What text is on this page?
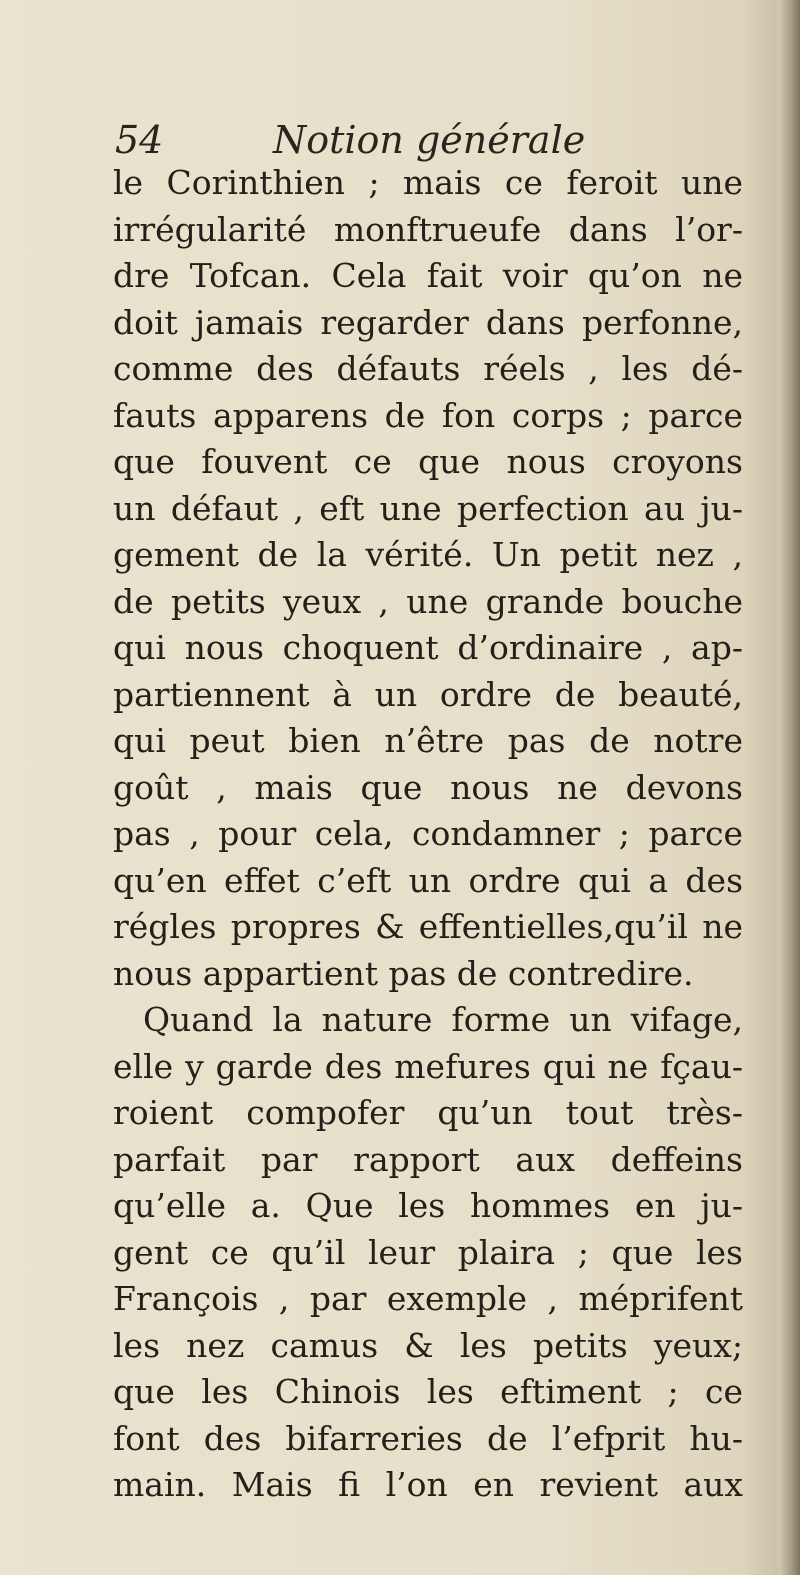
54	Notion générale
le Corinthien ; mais ce feroit une
irrégularité monftrueufe dans l’or-
dre Tofcan. Cela fait voir qu’on ne
doit jamais regarder dans perfonne,
comme des défauts réels , les dé-
fauts apparens de fon corps ; parce
que fouvent ce que nous croyons
un défaut , eft une perfection au ju-
gement de la vérité. Un petit nez ,
de petits yeux , une grande bouche
qui nous choquent d’ordinaire , ap-
partiennent à un ordre de beauté,
qui peut bien n’être pas de notre
goût , mais que nous ne devons
pas , pour cela, condamner ; parce
qu’en effet c’eft un ordre qui a des
régles propres & effentielles,qu’il ne
nous appartient pas de contredire.
Quand la nature forme un vifage,
elle y garde des mefures qui ne fçau-
roient compofer qu’un tout très-
parfait par rapport aux deffeins
qu’elle a. Que les hommes en ju-
gent ce qu’il leur plaira ; que les
François , par exemple , méprifent
les nez camus & les petits yeux;
que les Chinois les eftiment ; ce
font des bifarreries de l’efprit hu-
main. Mais fi l’on en revient aux
